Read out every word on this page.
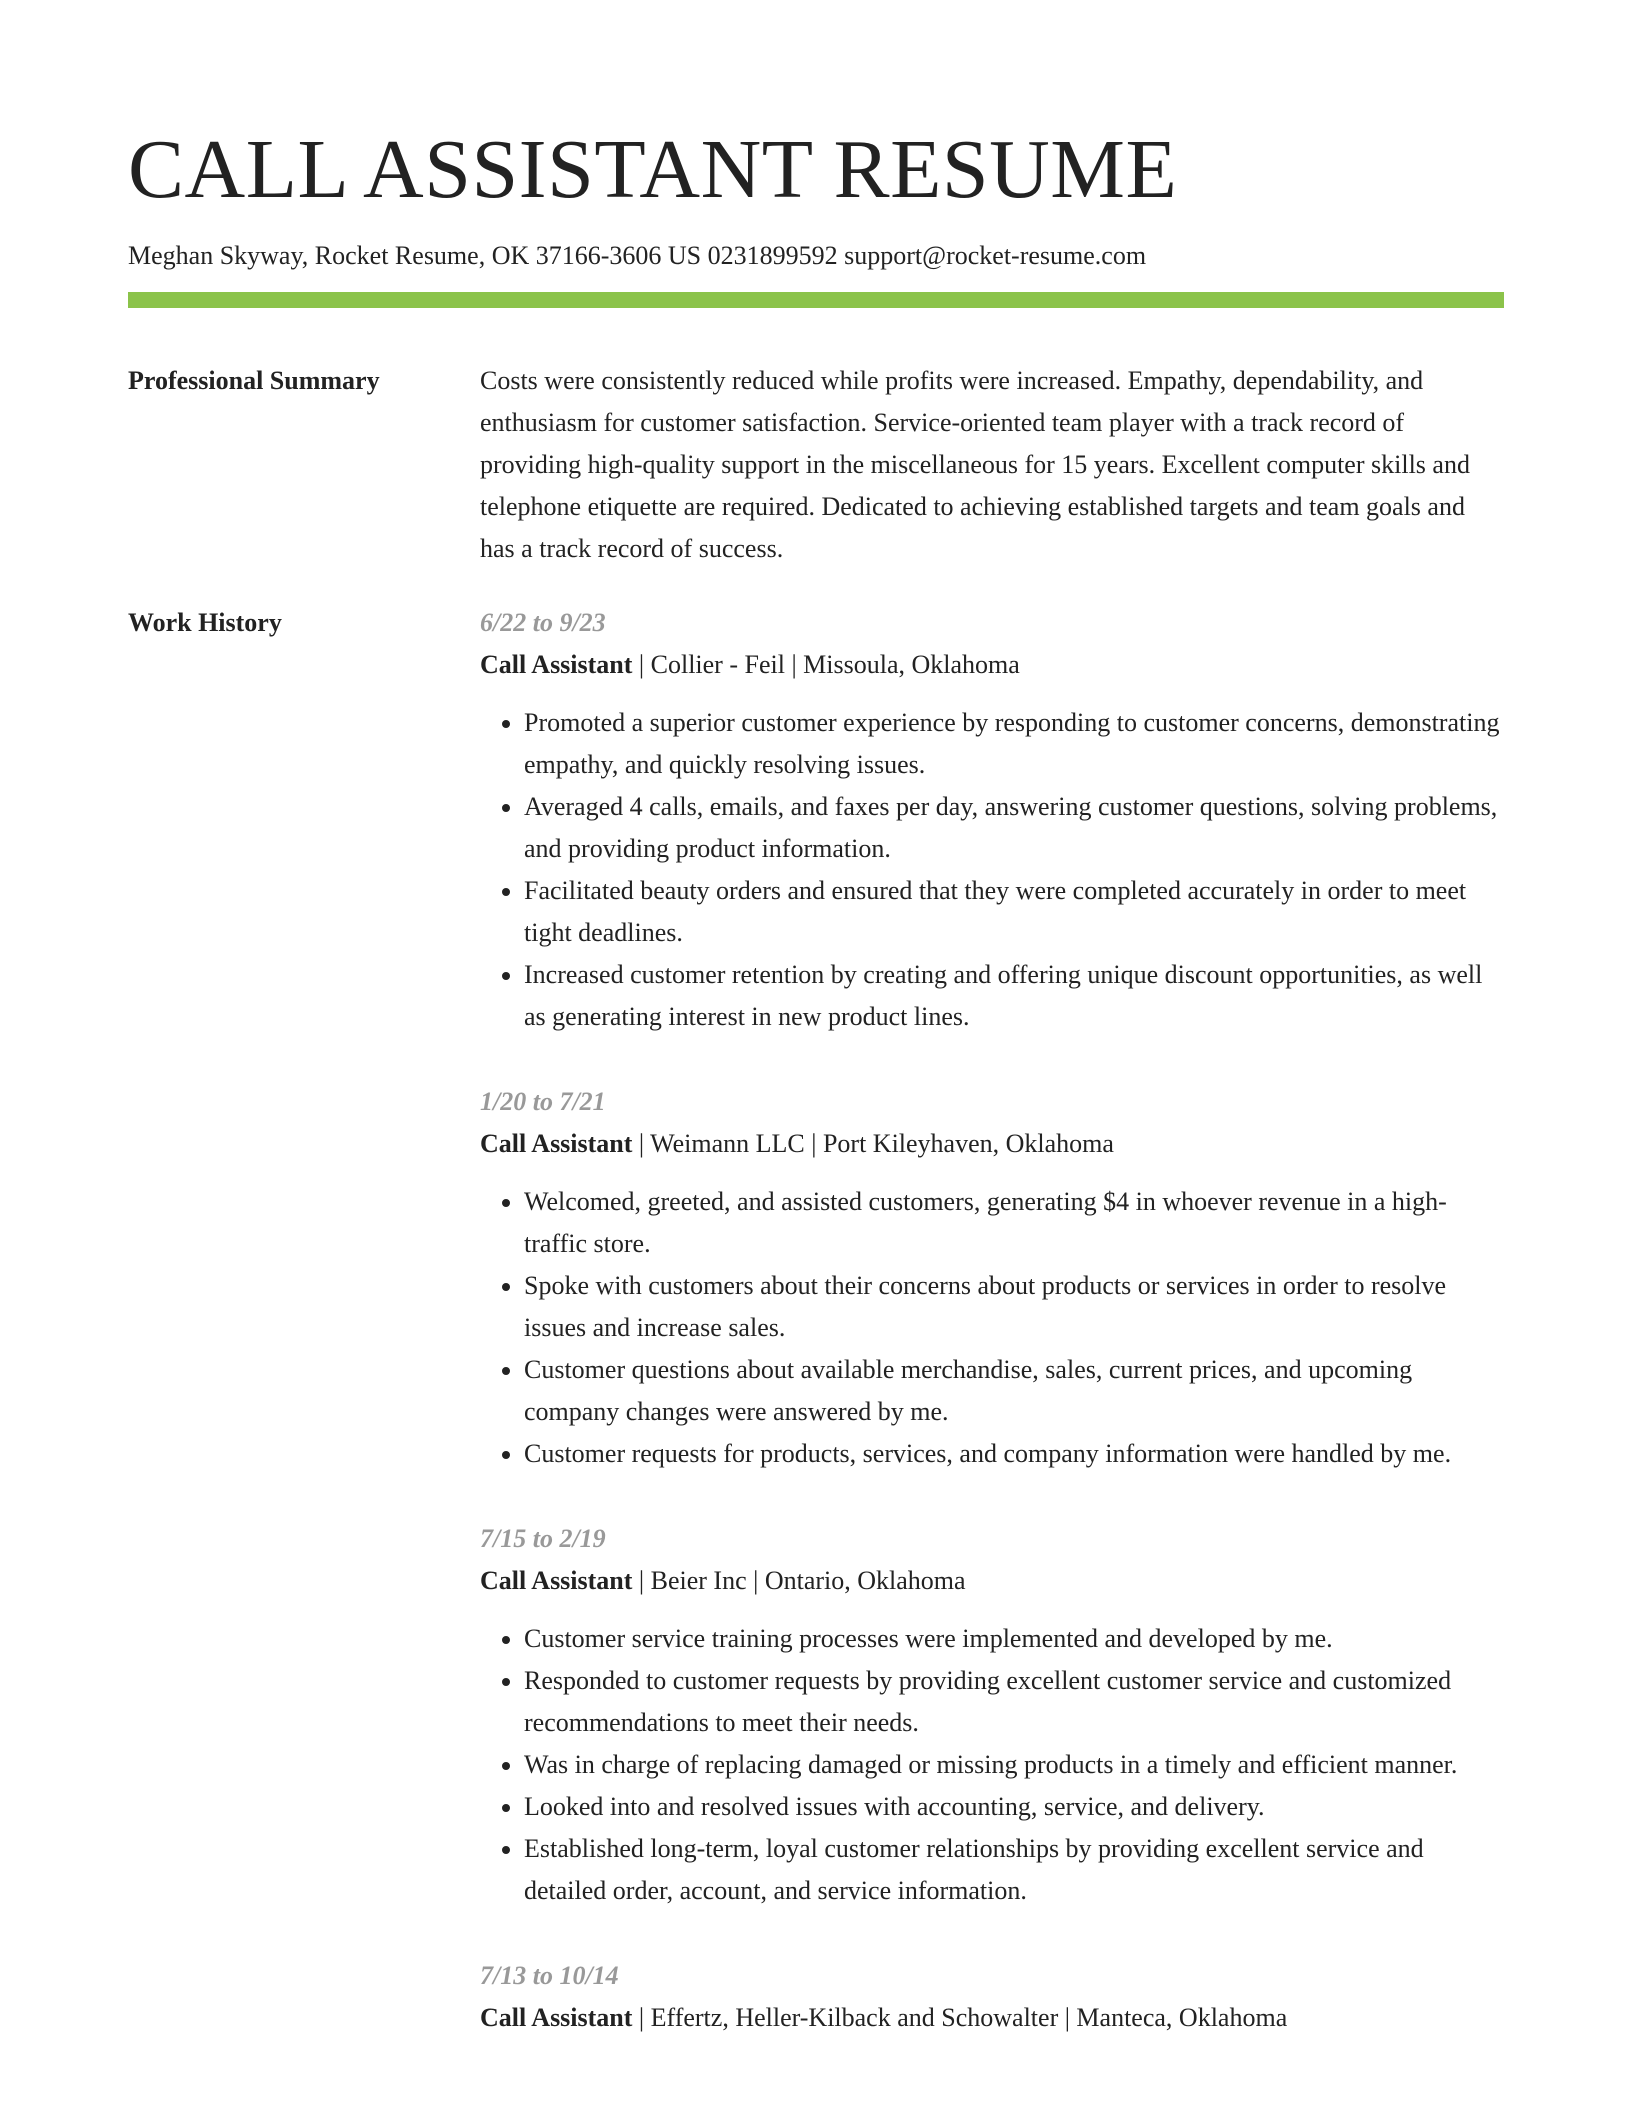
CALL ASSISTANT RESUME
Meghan Skyway, Rocket Resume, OK 37166-3606 US 0231899592 support@rocket-resume.com
Professional Summary	Costs were consistently reduced while profits were increased. Empathy, dependability, and enthusiasm for customer satisfaction. Service-oriented team player with a track record of providing high-quality support in the miscellaneous for 15 years. Excellent computer skills and telephone etiquette are required. Dedicated to achieving established targets and team goals and has a track record of success.

Work History	6/22 to 9/23
Call Assistant | Collier - Feil | Missoula, Oklahoma
• Promoted a superior customer experience by responding to customer concerns, demonstrating empathy, and quickly resolving issues.
• Averaged 4 calls, emails, and faxes per day, answering customer questions, solving problems, and providing product information.
• Facilitated beauty orders and ensured that they were completed accurately in order to meet tight deadlines.
• Increased customer retention by creating and offering unique discount opportunities, as well as generating interest in new product lines.
1/20 to 7/21
Call Assistant | Weimann LLC | Port Kileyhaven, Oklahoma
• Welcomed, greeted, and assisted customers, generating $4 in whoever revenue in a high-traffic store.
• Spoke with customers about their concerns about products or services in order to resolve issues and increase sales.
• Customer questions about available merchandise, sales, current prices, and upcoming company changes were answered by me.
• Customer requests for products, services, and company information were handled by me.
7/15 to 2/19
Call Assistant | Beier Inc | Ontario, Oklahoma
• Customer service training processes were implemented and developed by me.
• Responded to customer requests by providing excellent customer service and customized recommendations to meet their needs.
• Was in charge of replacing damaged or missing products in a timely and efficient manner.
• Looked into and resolved issues with accounting, service, and delivery.
• Established long-term, loyal customer relationships by providing excellent service and detailed order, account, and service information.
7/13 to 10/14
Call Assistant | Effertz, Heller-Kilback and Schowalter | Manteca, Oklahoma
